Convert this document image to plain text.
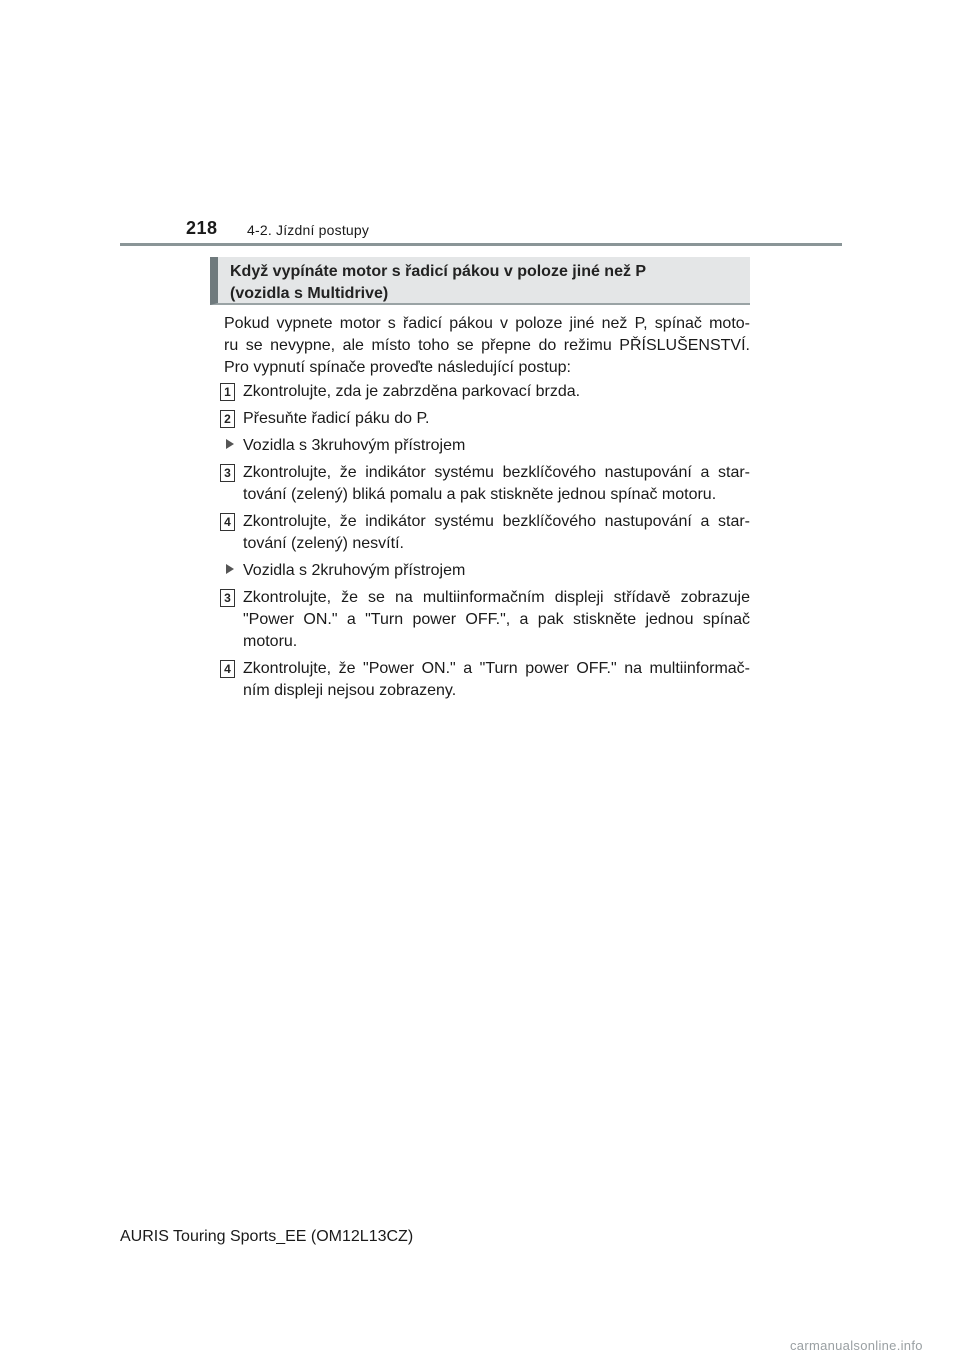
218 4-2. Jízdní postupy
Když vypínáte motor s řadicí pákou v poloze jiné než P
(vozidla s Multidrive)
Pokud vypnete motor s řadicí pákou v poloze jiné než P, spínač moto-
ru se nevypne, ale místo toho se přepne do režimu PŘÍSLUŠENSTVÍ.
Pro vypnutí spínače proveďte následující postup:
1 Zkontrolujte, zda je zabrzděna parkovací brzda.
2 Přesuňte řadicí páku do P.
Vozidla s 3kruhovým přístrojem
3 Zkontrolujte, že indikátor systému bezklíčového nastupování a star-
tování (zelený) bliká pomalu a pak stiskněte jednou spínač motoru.
4 Zkontrolujte, že indikátor systému bezklíčového nastupování a star-
tování (zelený) nesvítí.
Vozidla s 2kruhovým přístrojem
3 Zkontrolujte, že se na multiinformačním displeji střídavě zobrazuje
"Power ON." a "Turn power OFF.", a pak stiskněte jednou spínač
motoru.
4 Zkontrolujte, že "Power ON." a "Turn power OFF." na multiinformač-
ním displeji nejsou zobrazeny.
AURIS Touring Sports_EE (OM12L13CZ)
carmanualsonline.info
